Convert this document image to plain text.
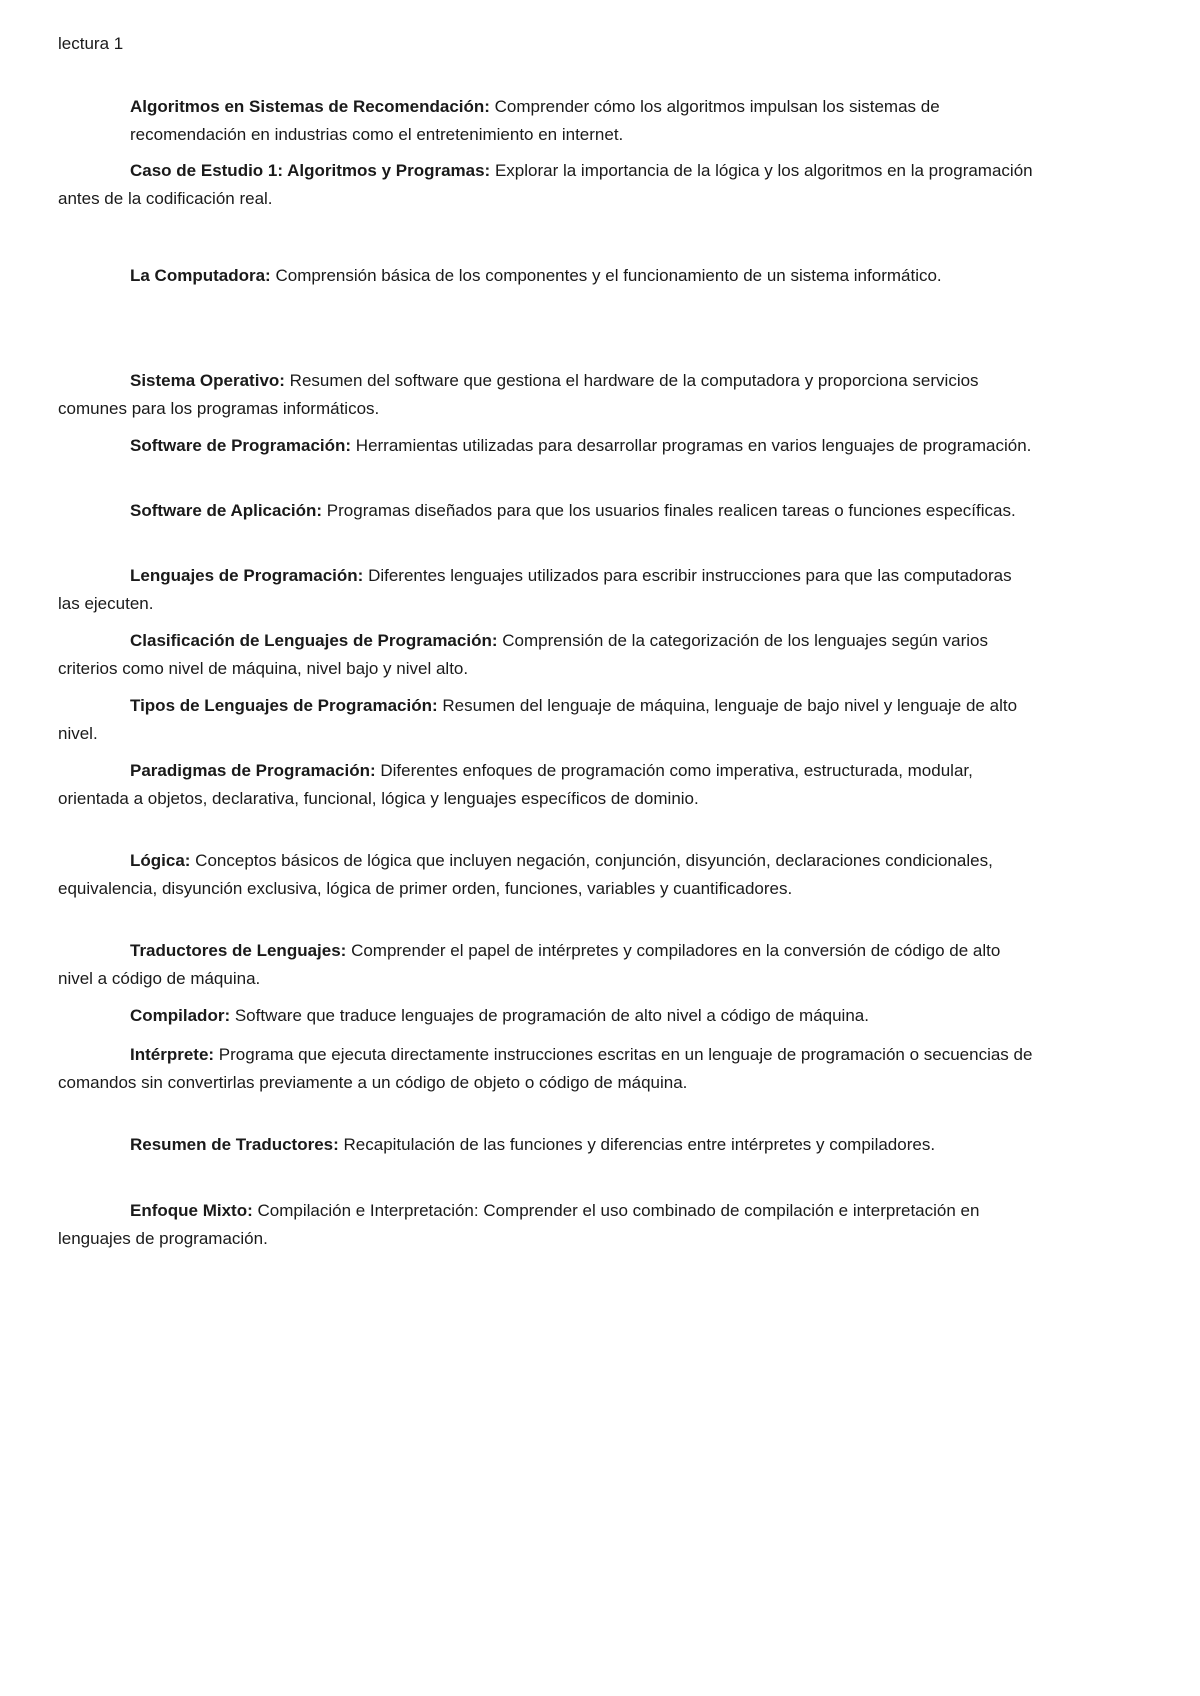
lectura 1

Algoritmos en Sistemas de Recomendación: Comprender cómo los algoritmos impulsan los sistemas de recomendación en industrias como el entretenimiento en internet.

Caso de Estudio 1: Algoritmos y Programas: Explorar la importancia de la lógica y los algoritmos en la programación antes de la codificación real.

La Computadora: Comprensión básica de los componentes y el funcionamiento de un sistema informático.

Sistema Operativo: Resumen del software que gestiona el hardware de la computadora y proporciona servicios comunes para los programas informáticos.

Software de Programación: Herramientas utilizadas para desarrollar programas en varios lenguajes de programación.

Software de Aplicación: Programas diseñados para que los usuarios finales realicen tareas o funciones específicas.

Lenguajes de Programación: Diferentes lenguajes utilizados para escribir instrucciones para que las computadoras las ejecuten.

Clasificación de Lenguajes de Programación: Comprensión de la categorización de los lenguajes según varios criterios como nivel de máquina, nivel bajo y nivel alto.

Tipos de Lenguajes de Programación: Resumen del lenguaje de máquina, lenguaje de bajo nivel y lenguaje de alto nivel.

Paradigmas de Programación: Diferentes enfoques de programación como imperativa, estructurada, modular, orientada a objetos, declarativa, funcional, lógica y lenguajes específicos de dominio.

Lógica: Conceptos básicos de lógica que incluyen negación, conjunción, disyunción, declaraciones condicionales, equivalencia, disyunción exclusiva, lógica de primer orden, funciones, variables y cuantificadores.

Traductores de Lenguajes: Comprender el papel de intérpretes y compiladores en la conversión de código de alto nivel a código de máquina.

Compilador: Software que traduce lenguajes de programación de alto nivel a código de máquina.

Intérprete: Programa que ejecuta directamente instrucciones escritas en un lenguaje de programación o secuencias de comandos sin convertirlas previamente a un código de objeto o código de máquina.

Resumen de Traductores: Recapitulación de las funciones y diferencias entre intérpretes y compiladores.

Enfoque Mixto: Compilación e Interpretación: Comprender el uso combinado de compilación e interpretación en lenguajes de programación.
